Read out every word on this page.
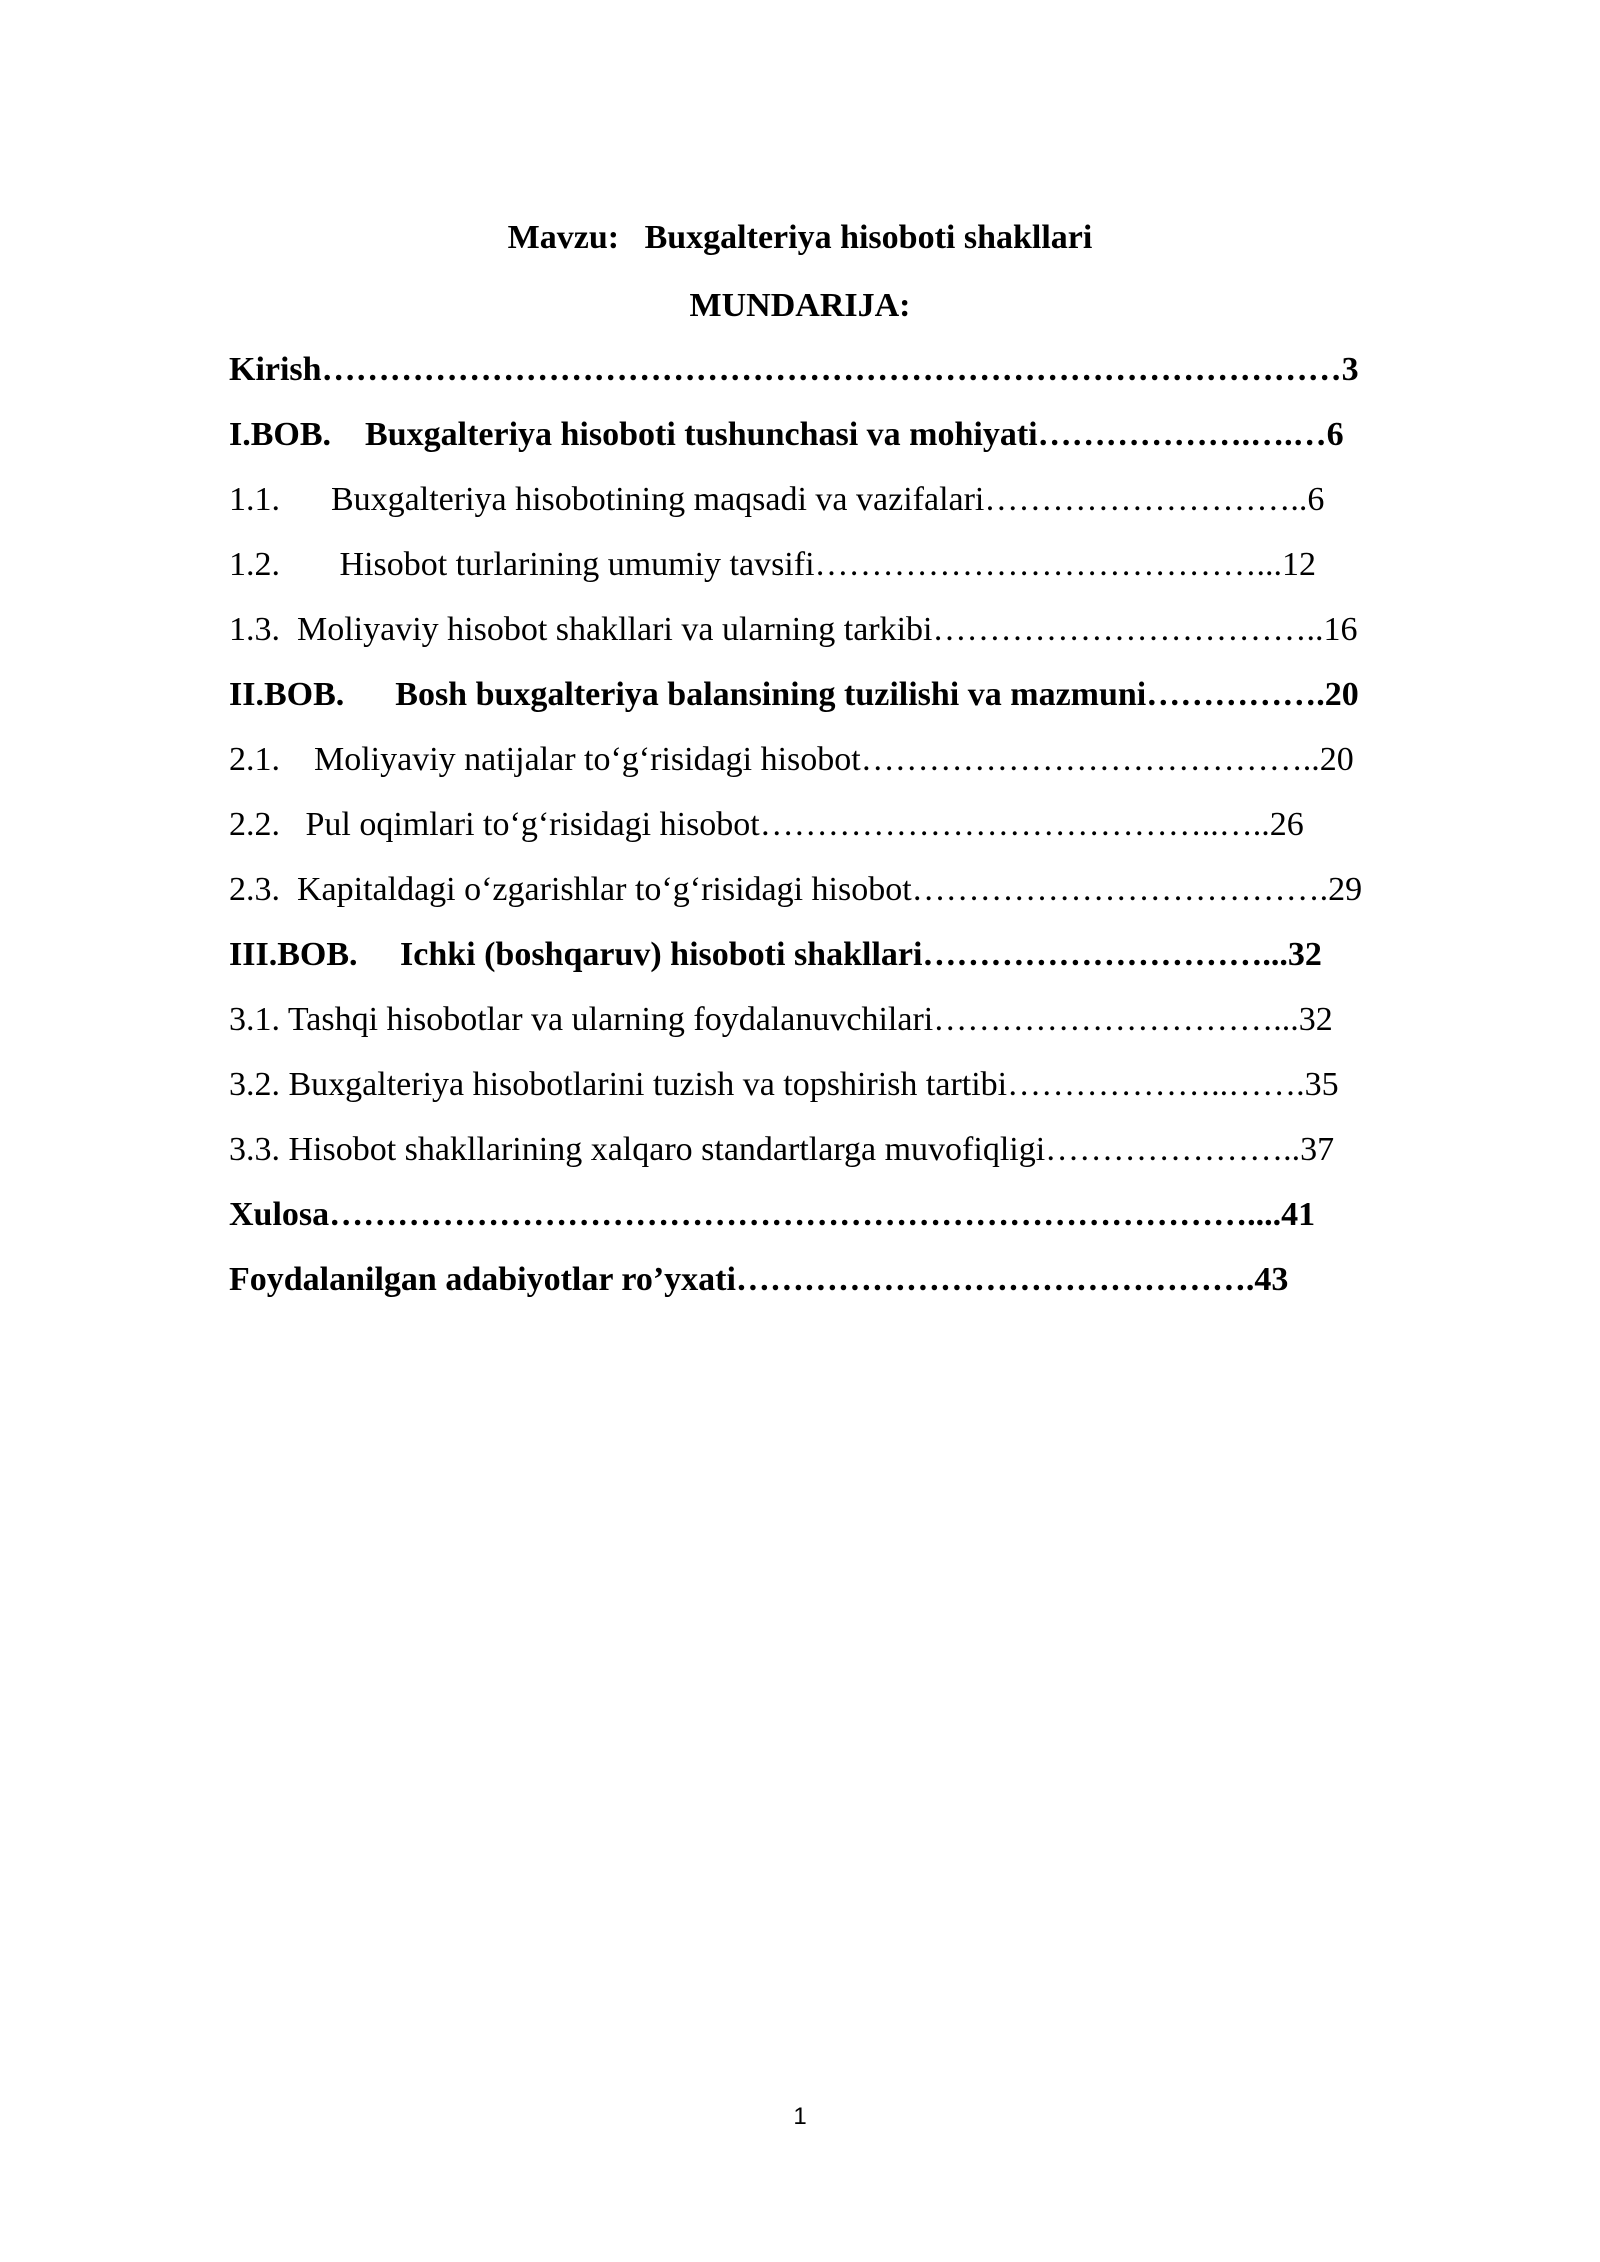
Mavzu:   Buxgalteriya hisoboti shakllari
MUNDARIJA:
Kirish………………………………………………………………………………3
I.BOB.    Buxgalteriya hisoboti tushunchasi va mohiyati……………….….…6
1.1.      Buxgalteriya hisobotining maqsadi va vazifalari………………………..6
1.2.       Hisobot turlarining umumiy tavsifi…………………………………...12
1.3.  Moliyaviy hisobot shakllari va ularning tarkibi……………………………..16
II.BOB.      Bosh buxgalteriya balansining tuzilishi va mazmuni…………….20
2.1.    Moliyaviy natijalar to‘g‘risidagi hisobot…………………………………..20
2.2.   Pul oqimlari to‘g‘risidagi hisobot…………………………………..…..26
2.3.  Kapitaldagi o‘zgarishlar to‘g‘risidagi hisobot……………………………….29
III.BOB.     Ichki (boshqaruv) hisoboti shakllari…………………………...32
3.1. Tashqi hisobotlar va ularning foydalanuvchilari…………………………...32
3.2. Buxgalteriya hisobotlarini tuzish va topshirish tartibi………………..…….35
3.3. Hisobot shakllarining xalqaro standartlarga muvofiqligi…………………..37
Xulosa………………………………………………………………………....41
Foydalanilgan adabiyotlar ro’yxati……………………………………….43
1
